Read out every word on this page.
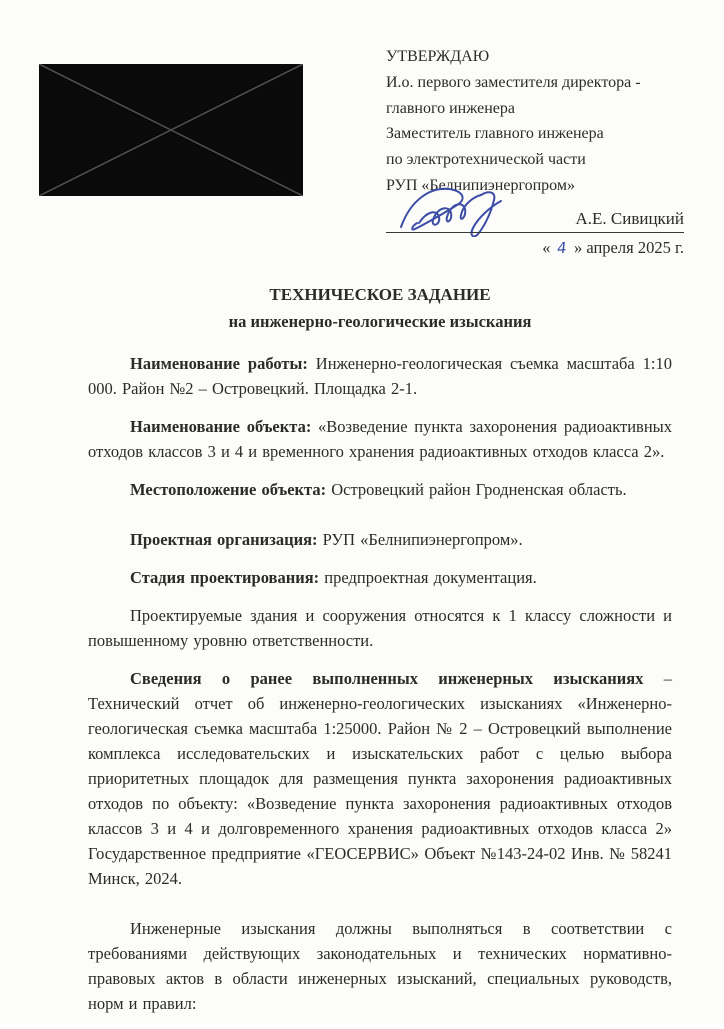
УТВЕРЖДАЮ
И.о. первого заместителя директора -
главного инженера
Заместитель главного инженера
по электротехнической части
РУП «Белнипиэнергопром»
А.Е. Сивицкий
« 4 » апреля 2025 г.
ТЕХНИЧЕСКОЕ ЗАДАНИЕ
на инженерно-геологические изыскания

Наименование работы: Инженерно-геологическая съемка масштаба 1:10 000. Район №2 – Островецкий. Площадка 2-1.

Наименование объекта: «Возведение пункта захоронения радиоактивных отходов классов 3 и 4 и временного хранения радиоактивных отходов класса 2».

Местоположение объекта: Островецкий район Гродненская область.

Проектная организация: РУП «Белнипиэнергопром».

Стадия проектирования: предпроектная документация.

Проектируемые здания и сооружения относятся к 1 классу сложности и повышенному уровню ответственности.

Сведения о ранее выполненных инженерных изысканиях – Технический отчет об инженерно-геологических изысканиях «Инженерно-геологическая съемка масштаба 1:25000. Район № 2 – Островецкий выполнение комплекса исследовательских и изыскательских работ с целью выбора приоритетных площадок для размещения пункта захоронения радиоактивных отходов по объекту: «Возведение пункта захоронения радиоактивных отходов классов 3 и 4 и долговременного хранения радиоактивных отходов класса 2» Государственное предприятие «ГЕОСЕРВИС» Объект №143-24-02 Инв. № 58241 Минск, 2024.

Инженерные изыскания должны выполняться в соответствии с требованиями действующих законодательных и технических нормативно-правовых актов в области инженерных изысканий, специальных руководств, норм и правил:
